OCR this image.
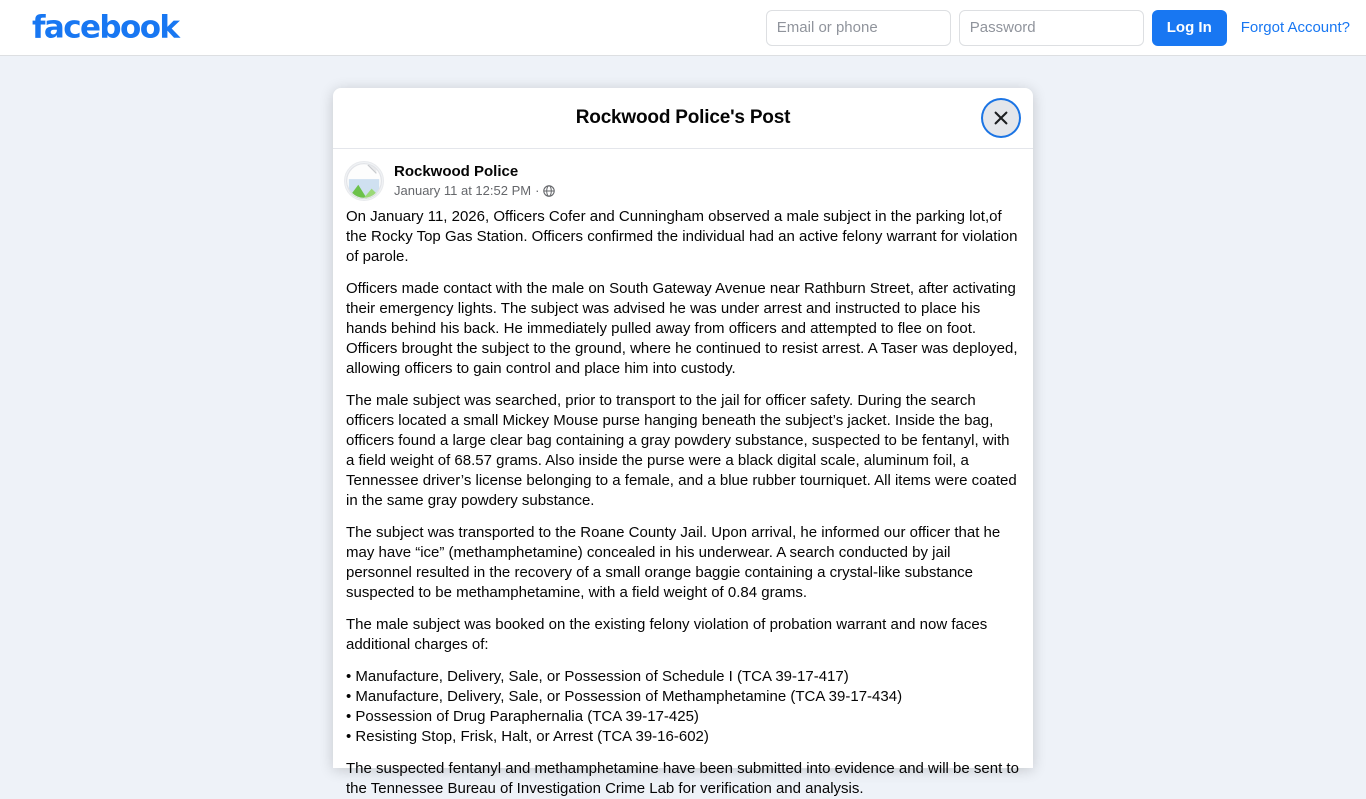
facebook
Email or phone	Log In	Forgot Account?
Rockwood Police's Post
Rockwood Police
January 11 at 12:52 PM ·

On January 11, 2026, Officers Cofer and Cunningham observed a male subject in the parking lot,of the Rocky Top Gas Station. Officers confirmed the individual had an active felony warrant for violation of parole.

Officers made contact with the male on South Gateway Avenue near Rathburn Street, after activating their emergency lights. The subject was advised he was under arrest and instructed to place his hands behind his back. He immediately pulled away from officers and attempted to flee on foot. Officers brought the subject to the ground, where he continued to resist arrest. A Taser was deployed, allowing officers to gain control and place him into custody.

The male subject was searched, prior to transport to the jail for officer safety. During the search officers located a small Mickey Mouse purse hanging beneath the subject’s jacket. Inside the bag, officers found a large clear bag containing a gray powdery substance, suspected to be fentanyl, with a field weight of 68.57 grams. Also inside the purse were a black digital scale, aluminum foil, a Tennessee driver’s license belonging to a female, and a blue rubber tourniquet. All items were coated in the same gray powdery substance.

The subject was transported to the Roane County Jail. Upon arrival, he informed our officer that he may have “ice” (methamphetamine) concealed in his underwear. A search conducted by jail personnel resulted in the recovery of a small orange baggie containing a crystal-like substance suspected to be methamphetamine, with a field weight of 0.84 grams.

The male subject was booked on the existing felony violation of probation warrant and now faces additional charges of:

• Manufacture, Delivery, Sale, or Possession of Schedule I (TCA 39-17-417)
• Manufacture, Delivery, Sale, or Possession of Methamphetamine (TCA 39-17-434)
• Possession of Drug Paraphernalia (TCA 39-17-425)
• Resisting Stop, Frisk, Halt, or Arrest (TCA 39-16-602)

The suspected fentanyl and methamphetamine have been submitted into evidence and will be sent to the Tennessee Bureau of Investigation Crime Lab for verification and analysis.
